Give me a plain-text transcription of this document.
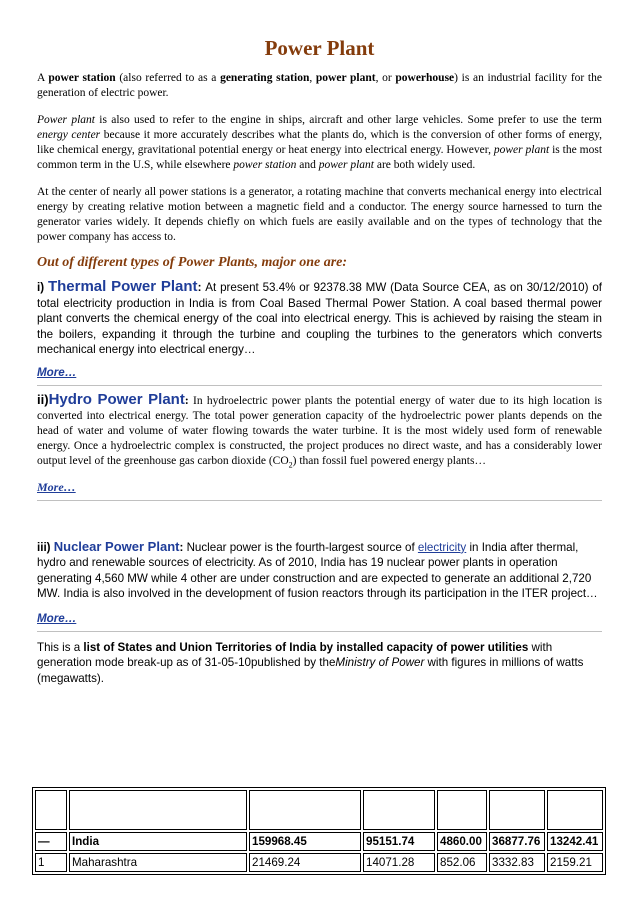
Power Plant

A power station (also referred to as a generating station, power plant, or powerhouse) is an industrial facility for the generation of electric power.

Power plant is also used to refer to the engine in ships, aircraft and other large vehicles. Some prefer to use the term energy center because it more accurately describes what the plants do, which is the conversion of other forms of energy, like chemical energy, gravitational potential energy or heat energy into electrical energy. However, power plant is the most common term in the U.S, while elsewhere power station and power plant are both widely used.

At the center of nearly all power stations is a generator, a rotating machine that converts mechanical energy into electrical energy by creating relative motion between a magnetic field and a conductor. The energy source harnessed to turn the generator varies widely. It depends chiefly on which fuels are easily available and on the types of technology that the power company has access to.

Out of different types of Power Plants, major one are:

i) Thermal Power Plant: At present 53.4% or 92378.38 MW (Data Source CEA, as on 30/12/2010) of total electricity production in India is from Coal Based Thermal Power Station. A coal based thermal power plant converts the chemical energy of the coal into electrical energy. This is achieved by raising the steam in the boilers, expanding it through the turbine and coupling the turbines to the generators which converts mechanical energy into electrical energy…

More…

ii)Hydro Power Plant: In hydroelectric power plants the potential energy of water due to its high location is converted into electrical energy. The total power generation capacity of the hydroelectric power plants depends on the head of water and volume of water flowing towards the water turbine. It is the most widely used form of renewable energy. Once a hydroelectric complex is constructed, the project produces no direct waste, and has a considerably lower output level of the greenhouse gas carbon dioxide $(CO_2)$ than fossil fuel powered energy plants…

More…

iii) Nuclear Power Plant: Nuclear power is the fourth-largest source of electricity in India after thermal, hydro and renewable sources of electricity. As of 2010, India has 19 nuclear power plants in operation generating 4,560 MW while 4 other are under construction and are expected to generate an additional 2,720 MW. India is also involved in the development of fusion reactors through its participation in the ITER project…

More…

This is a list of States and Union Territories of India by installed capacity of power utilities with generation mode break-up as of 31-05-10published by theMinistry of Power with figures in millions of watts (megawatts).

—	India	159968.45	95151.74	4860.00	36877.76	13242.41
1	Maharashtra	21469.24	14071.28	852.06	3332.83	2159.21
